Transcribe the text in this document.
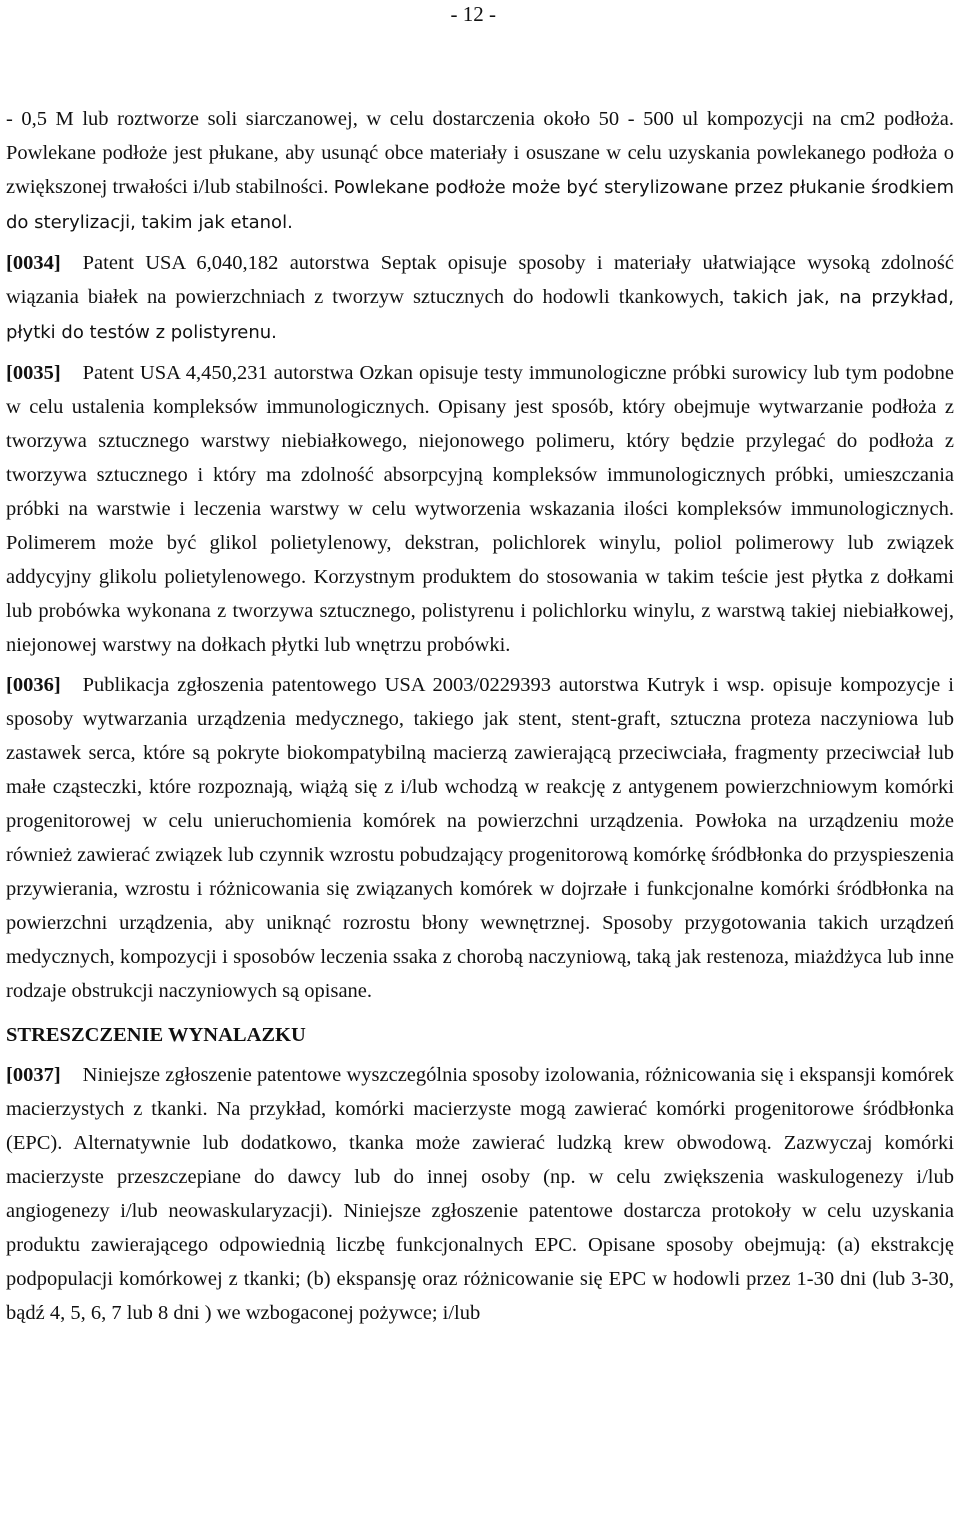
- 12 -

- 0,5 M lub roztworze soli siarczanowej, w celu dostarczenia około 50 - 500 ul kompozycji na cm2 podłoża. Powlekane podłoże jest płukane, aby usunąć obce materiały i osuszane w celu uzyskania powlekanego podłoża o zwiększonej trwałości i/lub stabilności. Powlekane podłoże może być sterylizowane przez płukanie środkiem do sterylizacji, takim jak etanol.

[0034] Patent USA 6,040,182 autorstwa Septak opisuje sposoby i materiały ułatwiające wysoką zdolność wiązania białek na powierzchniach z tworzyw sztucznych do hodowli tkankowych, takich jak, na przykład, płytki do testów z polistyrenu.

[0035] Patent USA 4,450,231 autorstwa Ozkan opisuje testy immunologiczne próbki surowicy lub tym podobne w celu ustalenia kompleksów immunologicznych. Opisany jest sposób, który obejmuje wytwarzanie podłoża z tworzywa sztucznego warstwy niebiałkowego, niejonowego polimeru, który będzie przylegać do podłoża z tworzywa sztucznego i który ma zdolność absorpcyjną kompleksów immunologicznych próbki, umieszczania próbki na warstwie i leczenia warstwy w celu wytworzenia wskazania ilości kompleksów immunologicznych. Polimerem może być glikol polietylenowy, dekstran, polichlorek winylu, poliol polimerowy lub związek addycyjny glikolu polietylenowego. Korzystnym produktem do stosowania w takim teście jest płytka z dołkami lub probówka wykonana z tworzywa sztucznego, polistyrenu i polichlorku winylu, z warstwą takiej niebiałkowej, niejonowej warstwy na dołkach płytki lub wnętrzu probówki.

[0036] Publikacja zgłoszenia patentowego USA 2003/0229393 autorstwa Kutryk i wsp. opisuje kompozycje i sposoby wytwarzania urządzenia medycznego, takiego jak stent, stent-graft, sztuczna proteza naczyniowa lub zastawek serca, które są pokryte biokompatybilną macierzą zawierającą przeciwciała, fragmenty przeciwciał lub małe cząsteczki, które rozpoznają, wiążą się z i/lub wchodzą w reakcję z antygenem powierzchniowym komórki progenitorowej w celu unieruchomienia komórek na powierzchni urządzenia. Powłoka na urządzeniu może również zawierać związek lub czynnik wzrostu pobudzający progenitorową komórkę śródbłonka do przyspieszenia przywierania, wzrostu i różnicowania się związanych komórek w dojrzałe i funkcjonalne komórki śródbłonka na powierzchni urządzenia, aby uniknąć rozrostu błony wewnętrznej. Sposoby przygotowania takich urządzeń medycznych, kompozycji i sposobów leczenia ssaka z chorobą naczyniową, taką jak restenoza, miażdżyca lub inne rodzaje obstrukcji naczyniowych są opisane.

STRESZCZENIE WYNALAZKU

[0037] Niniejsze zgłoszenie patentowe wyszczególnia sposoby izolowania, różnicowania się i ekspansji komórek macierzystych z tkanki. Na przykład, komórki macierzyste mogą zawierać komórki progenitorowe śródbłonka (EPC). Alternatywnie lub dodatkowo, tkanka może zawierać ludzką krew obwodową. Zazwyczaj komórki macierzyste przeszczepiane do dawcy lub do innej osoby (np. w celu zwiększenia waskulogenezy i/lub angiogenezy i/lub neowaskularyzacji). Niniejsze zgłoszenie patentowe dostarcza protokoły w celu uzyskania produktu zawierającego odpowiednią liczbę funkcjonalnych EPC. Opisane sposoby obejmują: (a) ekstrakcję podpopulacji komórkowej z tkanki; (b) ekspansję oraz różnicowanie się EPC w hodowli przez 1-30 dni (lub 3-30, bądź 4, 5, 6, 7 lub 8 dni ) we wzbogaconej pożywce; i/lub
